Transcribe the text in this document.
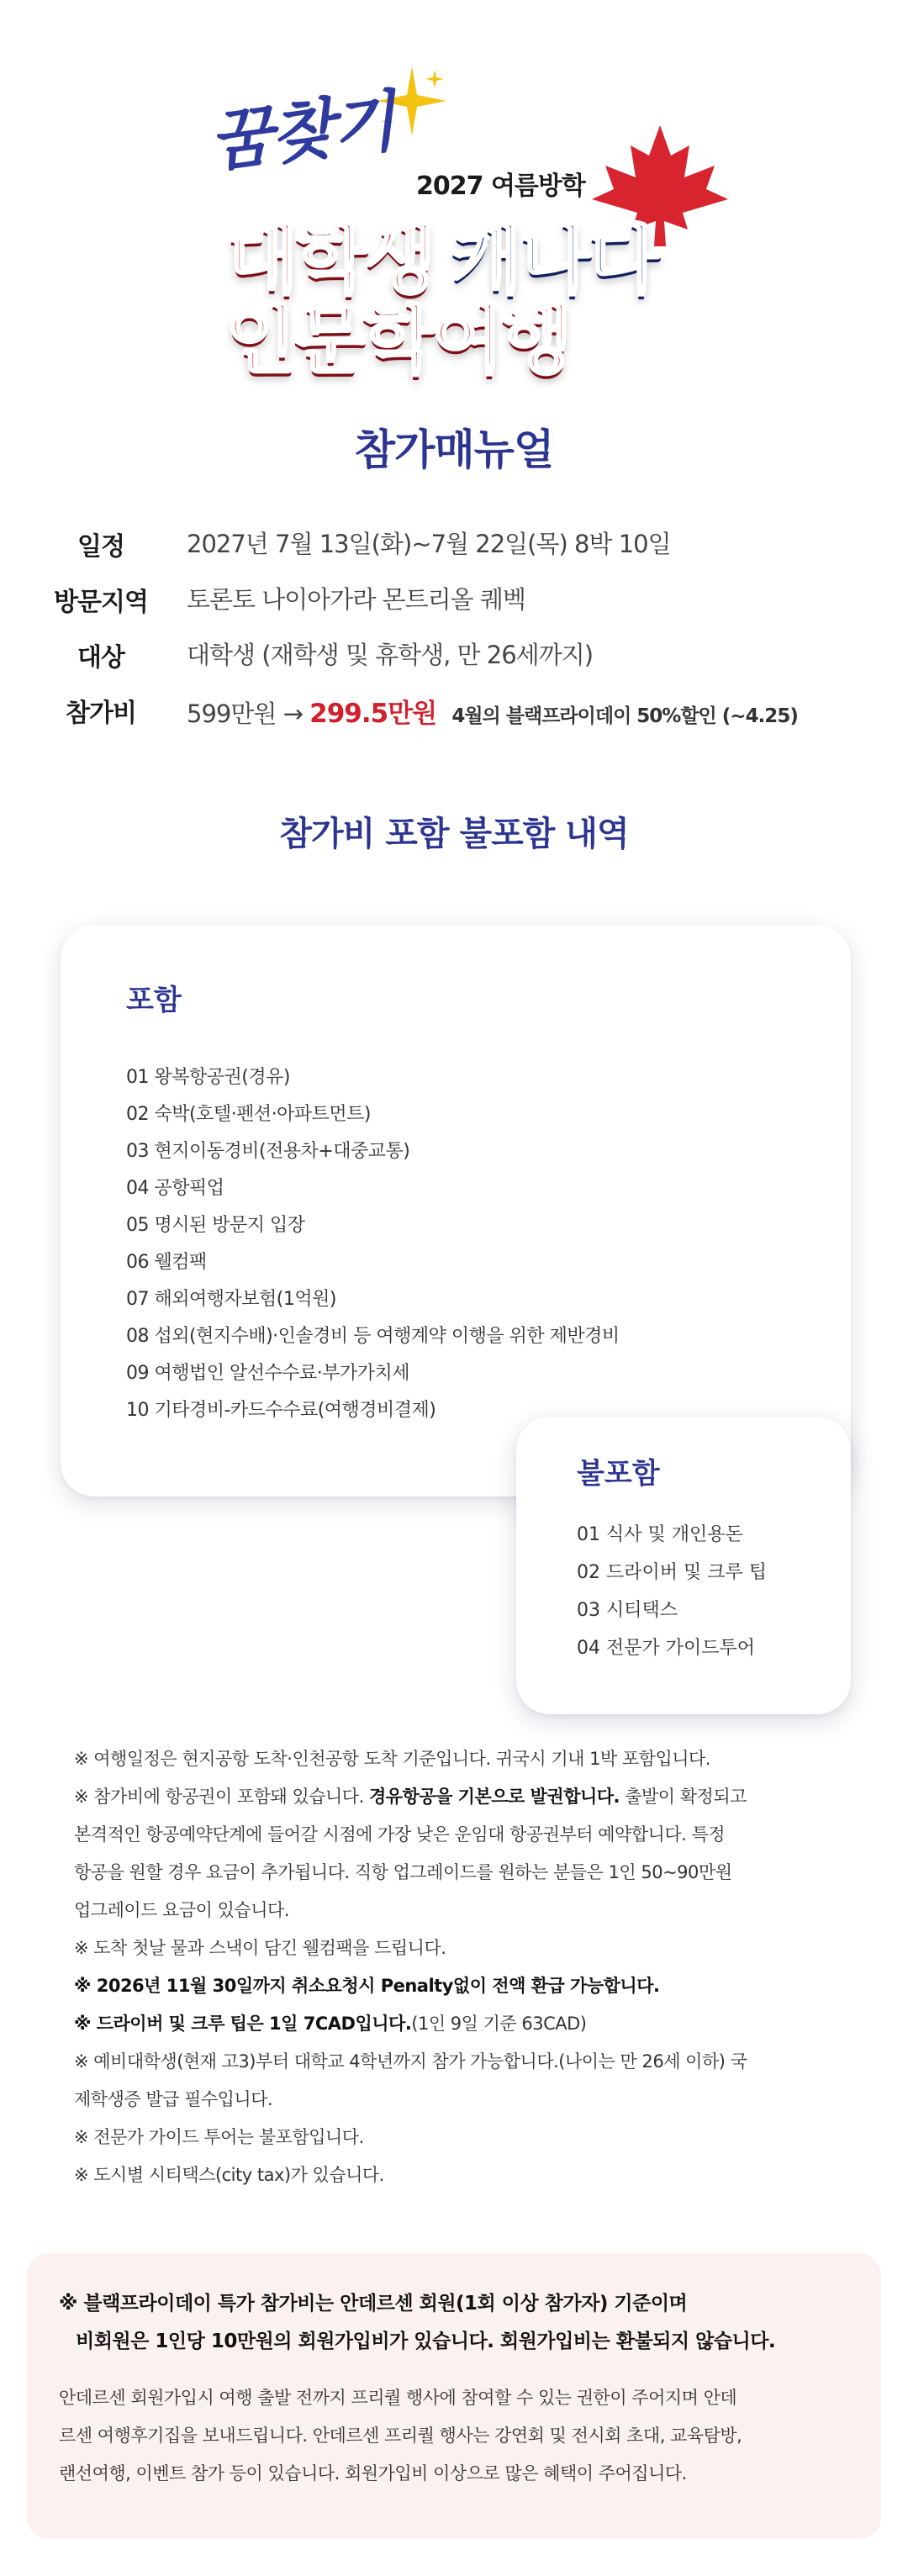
꿈찾기
2027 여름방학
대학생 캐나다
인문학여행
참가매뉴얼
일정	2027년 7월 13일(화)~7월 22일(목) 8박 10일
방문지역	토론토 나이아가라 몬트리올 퀘벡
대상	대학생 (재학생 및 휴학생, 만 26세까지)
참가비	599만원 → 299.5만원 4월의 블랙프라이데이 50%할인 (~4.25)
참가비 포함 불포함 내역
포함
01 왕복항공권(경유)
02 숙박(호텔·펜션·아파트먼트)
03 현지이동경비(전용차+대중교통)
04 공항픽업
05 명시된 방문지 입장
06 웰컴팩
07 해외여행자보험(1억원)
08 섭외(현지수배)·인솔경비 등 여행계약 이행을 위한 제반경비
09 여행법인 알선수수료·부가가치세
10 기타경비-카드수수료(여행경비결제)
불포함
01 식사 및 개인용돈
02 드라이버 및 크루 팁
03 시티택스
04 전문가 가이드투어

※ 여행일정은 현지공항 도착·인천공항 도착 기준입니다. 귀국시 기내 1박 포함입니다.

※ 참가비에 항공권이 포함돼 있습니다. 경유항공을 기본으로 발권합니다. 출발이 확정되고

본격적인 항공예약단계에 들어갈 시점에 가장 낮은 운임대 항공권부터 예약합니다. 특정

항공을 원할 경우 요금이 추가됩니다. 직항 업그레이드를 원하는 분들은 1인 50~90만원

업그레이드 요금이 있습니다.

※ 도착 첫날 물과 스낵이 담긴 웰컴팩을 드립니다.

※ 2026년 11월 30일까지 취소요청시 Penalty없이 전액 환급 가능합니다.

※ 드라이버 및 크루 팁은 1일 7CAD입니다.(1인 9일 기준 63CAD)

※ 예비대학생(현재 고3)부터 대학교 4학년까지 참가 가능합니다.(나이는 만 26세 이하) 국

제학생증 발급 필수입니다.

※ 전문가 가이드 투어는 불포함입니다.

※ 도시별 시티택스(city tax)가 있습니다.

※ 블랙프라이데이 특가 참가비는 안데르센 회원(1회 이상 참가자) 기준이며
비회원은 1인당 10만원의 회원가입비가 있습니다. 회원가입비는 환불되지 않습니다.
안데르센 회원가입시 여행 출발 전까지 프리퀄 행사에 참여할 수 있는 권한이 주어지며 안데
르센 여행후기집을 보내드립니다. 안데르센 프리퀄 행사는 강연회 및 전시회 초대, 교육탐방,
랜선여행, 이벤트 참가 등이 있습니다. 회원가입비 이상으로 많은 혜택이 주어집니다.
